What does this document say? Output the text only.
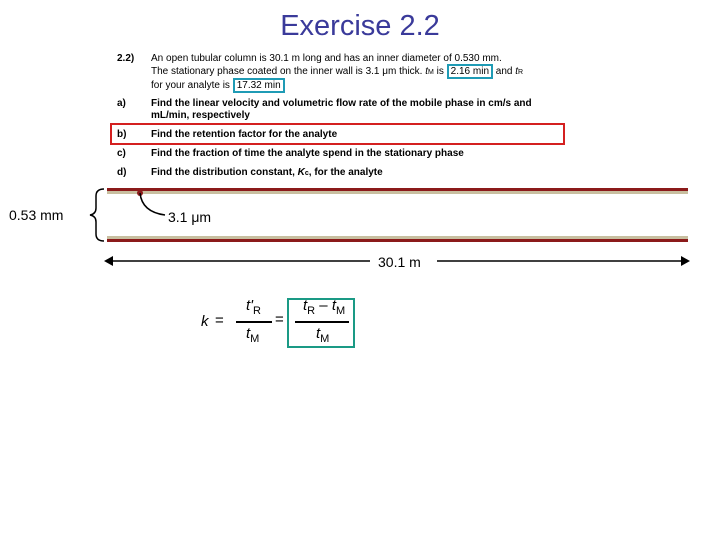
Exercise 2.2
2.2) An open tubular column is 30.1 m long and has an inner diameter of 0.530 mm.
The stationary phase coated on the inner wall is 3.1 μm thick. tM is 2.16 min and tR
for your analyte is 17.32 min
a)	Find the linear velocity and volumetric flow rate of the mobile phase in cm/s and
mL/min, respectively
b) Find the retention factor for the analyte
c)	Find the fraction of time the analyte spend in the stationary phase
d) Find the distribution constant, Kc, for the analyte
0.53 mm	3.1 μm
30.1 m
k =
$t'_R$
$t_M$
=
$t_R - t_M$
$t_M$
